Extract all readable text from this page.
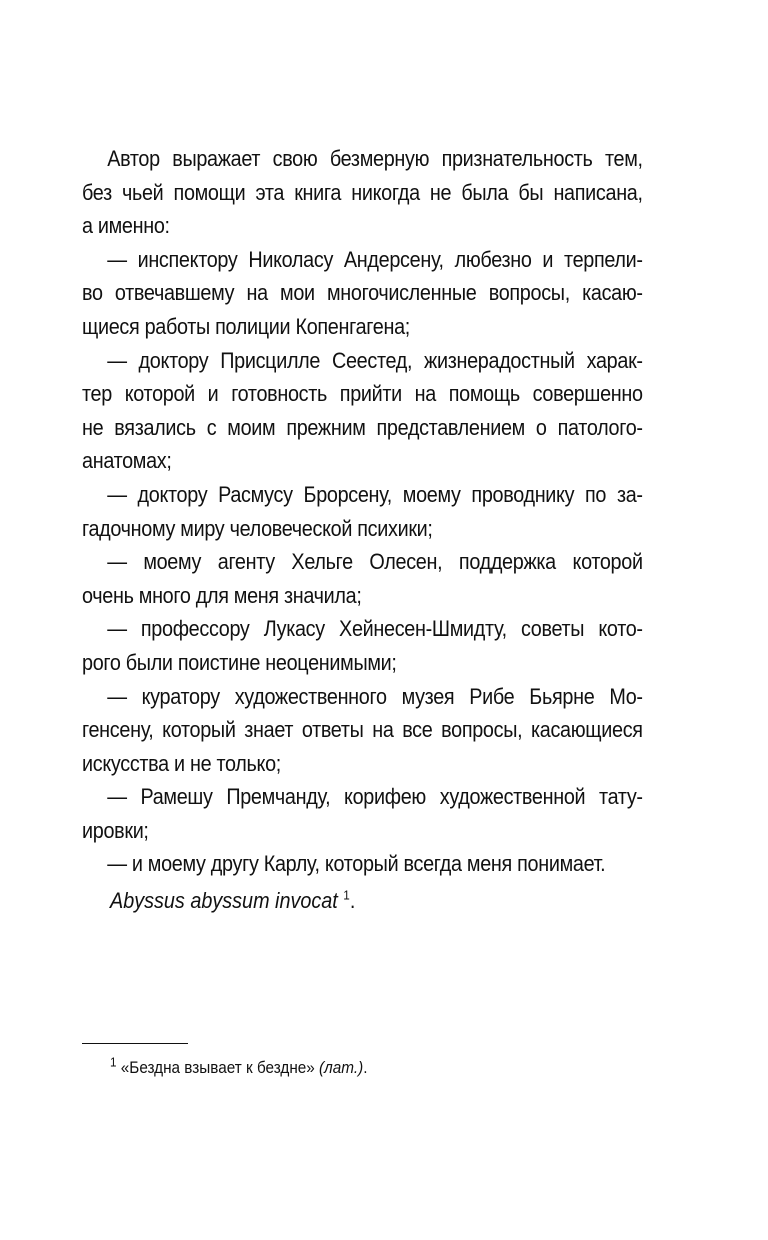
Автор выражает свою безмерную признательность тем,
без чьей помощи эта книга никогда не была бы написана,
а именно:
— инспектору Николасу Андерсену, любезно и терпели-
во отвечавшему на мои многочисленные вопросы, касаю-
щиеся работы полиции Копенгагена;
— доктору Присцилле Сеестед, жизнерадостный харак-
тер которой и готовность прийти на помощь совершенно
не вязались с моим прежним представлением о патолого-
анатомах;
— доктору Расмусу Брорсену, моему проводнику по за-
гадочному миру человеческой психики;
— моему агенту Хельге Олесен, поддержка которой
очень много для меня значила;
— профессору Лукасу Хейнесен-Шмидту, советы кото-
рого были поистине неоценимыми;
— куратору художественного музея Рибе Бьярне Мо-
генсену, который знает ответы на все вопросы, касающиеся
искусства и не только;
— Рамешу Премчанду, корифею художественной тату-
ировки;
— и моему другу Карлу, который всегда меня понимает.
Abyssus abyssum invocat $^1$.
$^1$ «Бездна взывает к бездне» (лат.).
